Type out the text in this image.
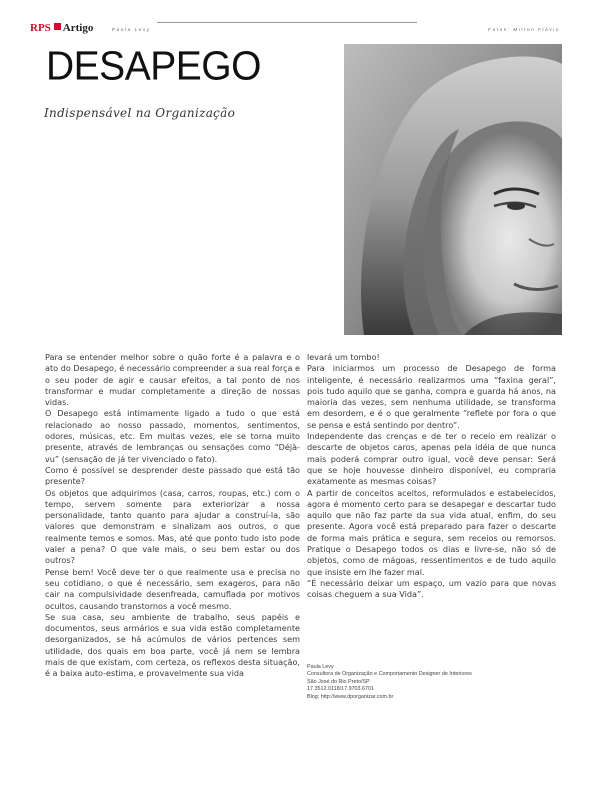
RPS Artigo	Paula Levy	Fotos: Milton Flávio
DESAPEGO
Indispensável na Organização

Para se entender melhor sobre o quão forte é a palavra e o ato do Desapego, é necessário compreender a sua real força e o seu poder de agir e causar efeitos, a tal ponto de nos transformar e mudar completamente a direção de nossas vidas.

O Desapego está intimamente ligado a tudo o que está relacionado ao nosso passado, momentos, sentimentos, odores, músicas, etc. Em muitas vezes, ele se torna muito presente, através de lembranças ou sensações como “Déjà-vu” (sensação de já ter vivenciado o fato).

Como é possível se desprender deste passado que está tão presente?

Os objetos que adquirimos (casa, carros, roupas, etc.) com o tempo, servem somente para exteriorizar a nossa personalidade, tanto quanto para ajudar a construí-la, são valores que demonstram e sinalizam aos outros, o que realmente temos e somos. Mas, até que ponto tudo isto pode valer a pena? O que vale mais, o seu bem estar ou dos outros?

Pense bem! Você deve ter o que realmente usa e precisa no seu cotidiano, o que é necessário, sem exageros, para não cair na compulsividade desenfreada, camuflada por motivos ocultos, causando transtornos a você mesmo.

Se sua casa, seu ambiente de trabalho, seus papéis e documentos, seus armários e sua vida estão completamente desorganizados, se há acúmulos de vários pertences sem utilidade, dos quais em boa parte, você já nem se lembra mais de que existam, com certeza, os reflexos desta situação, é a baixa auto-estima, e provavelmente sua vida

levará um tombo!

Para iniciarmos um processo de Desapego de forma inteligente, é necessário realizarmos uma “faxina geral”, pois tudo aquilo que se ganha, compra e guarda há anos, na maioria das vezes, sem nenhuma utilidade, se transforma em desordem, e é o que geralmente “reflete por fora o que se pensa e está sentindo por dentro”.

Independente das crenças e de ter o receio em realizar o descarte de objetos caros, apenas pela idéia de que nunca mais poderá comprar outro igual, você deve pensar: Será que se hoje houvesse dinheiro disponível, eu compraria exatamente as mesmas coisas?

A partir de conceitos aceitos, reformulados e estabelecidos, agora é momento certo para se desapegar e descartar tudo aquilo que não faz parte da sua vida atual, enfim, do seu presente. Agora você está preparado para fazer o descarte de forma mais prática e segura, sem receios ou remorsos. Pratique o Desapego todos os dias e livre-se, não só de objetos, como de mágoas, ressentimentos e de tudo aquilo que insiste em lhe fazer mal.

“É necessário deixar um espaço, um vazio para que novas coisas cheguem a sua Vida”.

Paula Levy
Consultora de Organização e Comportamento Designer de Interiores
São José do Rio Preto/SP
17.3512.0118/17.9703.6701
Blog: http://www.dporganizar.com.br
